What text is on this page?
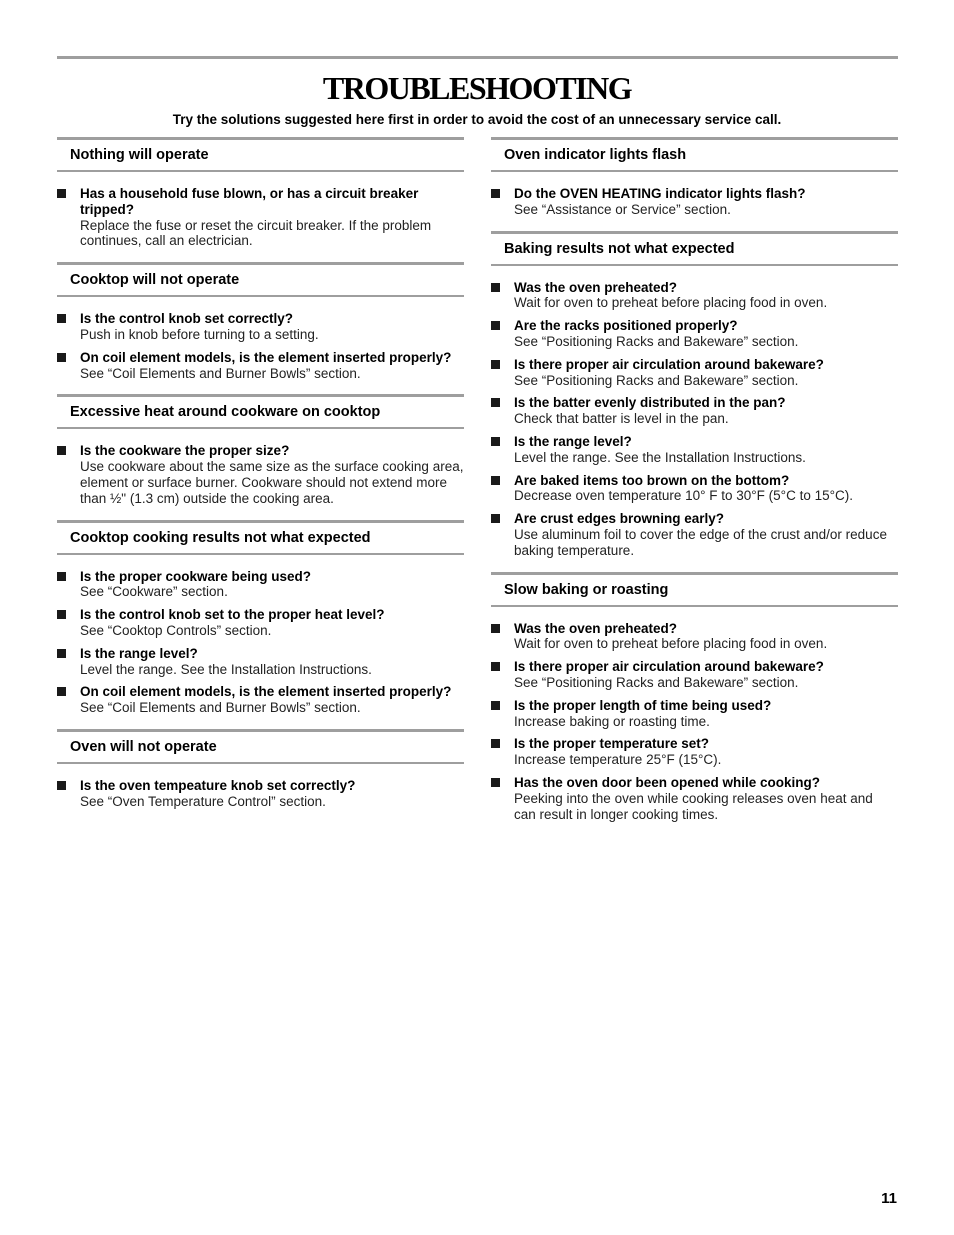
TROUBLESHOOTING
Try the solutions suggested here first in order to avoid the cost of an unnecessary service call.
Nothing will operate
Has a household fuse blown, or has a circuit breaker tripped?
Replace the fuse or reset the circuit breaker. If the problem continues, call an electrician.
Cooktop will not operate
Is the control knob set correctly?
Push in knob before turning to a setting.
On coil element models, is the element inserted properly?
See “Coil Elements and Burner Bowls” section.
Excessive heat around cookware on cooktop
Is the cookware the proper size?
Use cookware about the same size as the surface cooking area, element or surface burner. Cookware should not extend more than ½" (1.3 cm) outside the cooking area.
Cooktop cooking results not what expected
Is the proper cookware being used?
See “Cookware” section.
Is the control knob set to the proper heat level?
See “Cooktop Controls” section.
Is the range level?
Level the range. See the Installation Instructions.
On coil element models, is the element inserted properly?
See “Coil Elements and Burner Bowls” section.
Oven will not operate
Is the oven tempeature knob set correctly?
See “Oven Temperature Control” section.
Oven indicator lights flash
Do the OVEN HEATING indicator lights flash?
See “Assistance or Service” section.
Baking results not what expected
Was the oven preheated?
Wait for oven to preheat before placing food in oven.
Are the racks positioned properly?
See “Positioning Racks and Bakeware” section.
Is there proper air circulation around bakeware?
See “Positioning Racks and Bakeware” section.
Is the batter evenly distributed in the pan?
Check that batter is level in the pan.
Is the range level?
Level the range. See the Installation Instructions.
Are baked items too brown on the bottom?
Decrease oven temperature 10° F to 30°F (5°C to 15°C).
Are crust edges browning early?
Use aluminum foil to cover the edge of the crust and/or reduce baking temperature.
Slow baking or roasting
Was the oven preheated?
Wait for oven to preheat before placing food in oven.
Is there proper air circulation around bakeware?
See “Positioning Racks and Bakeware” section.
Is the proper length of time being used?
Increase baking or roasting time.
Is the proper temperature set?
Increase temperature 25°F (15°C).
Has the oven door been opened while cooking?
Peeking into the oven while cooking releases oven heat and can result in longer cooking times.
11
